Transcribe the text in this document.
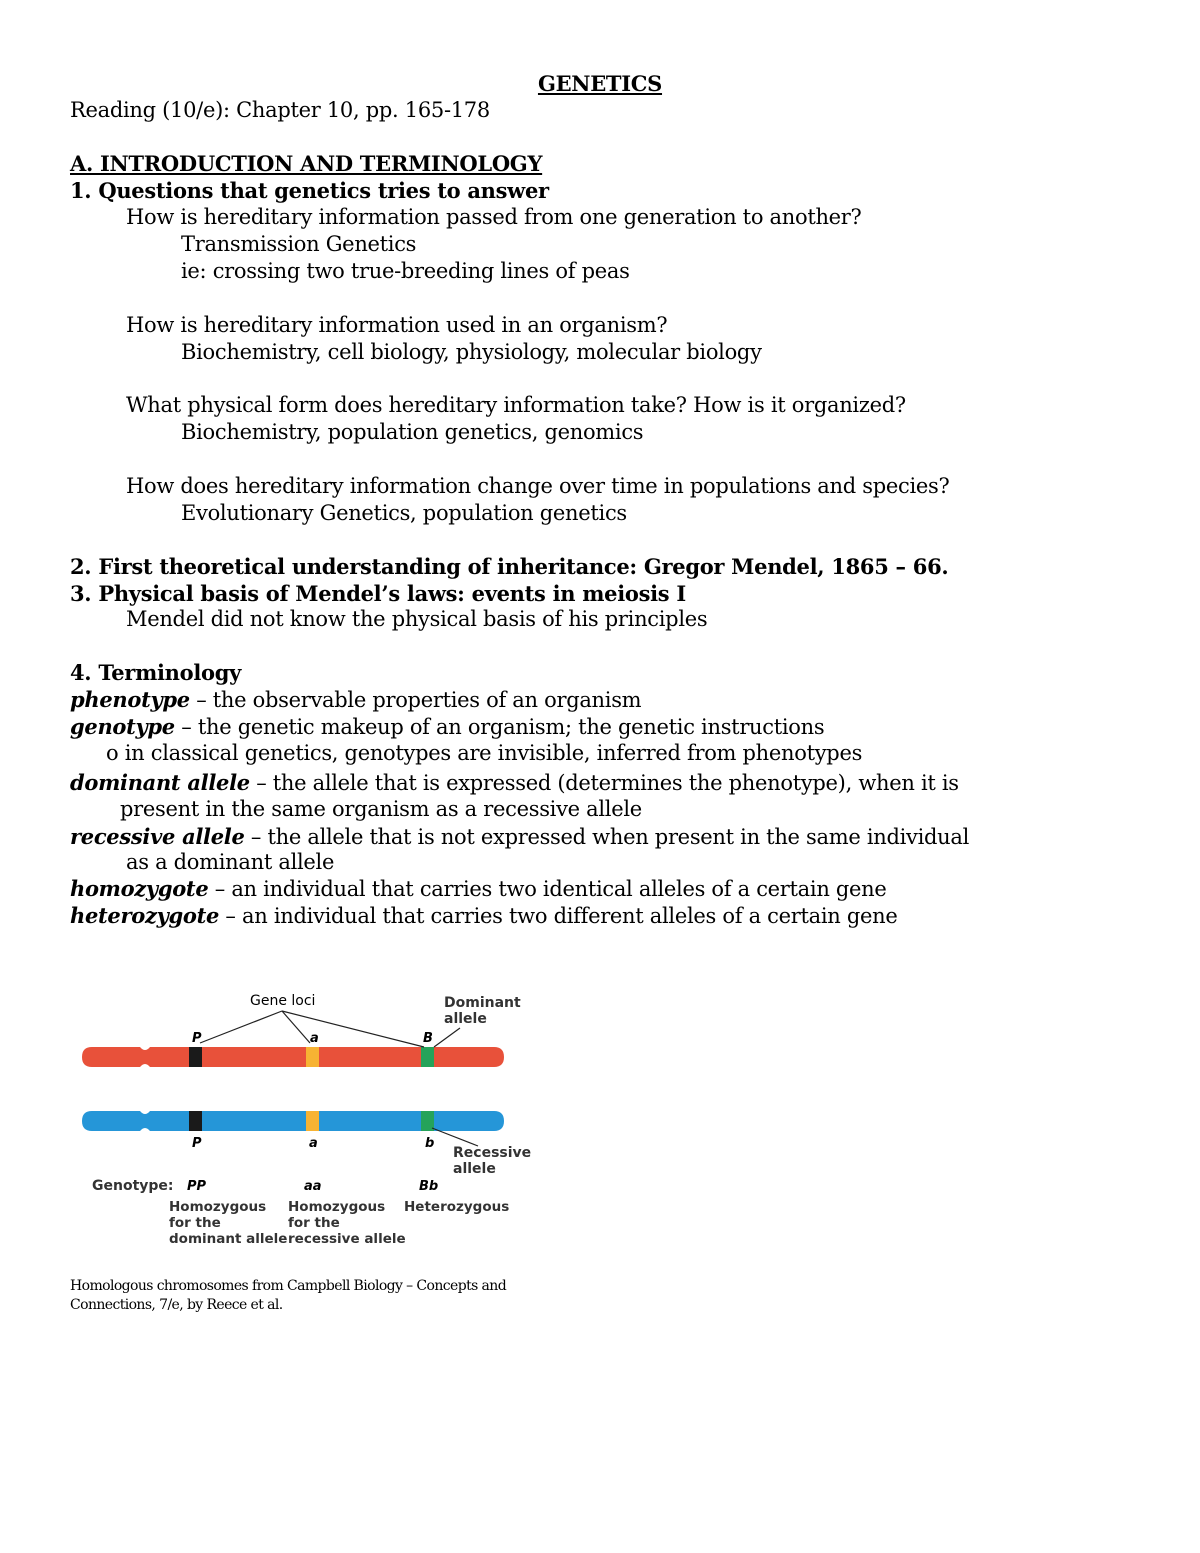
GENETICS
Reading (10/e): Chapter 10, pp. 165-178
A. INTRODUCTION AND TERMINOLOGY
1. Questions that genetics tries to answer
How is hereditary information passed from one generation to another?
Transmission Genetics
ie: crossing two true-breeding lines of peas
How is hereditary information used in an organism?
Biochemistry, cell biology, physiology, molecular biology
What physical form does hereditary information take? How is it organized?
Biochemistry, population genetics, genomics
How does hereditary information change over time in populations and species?
Evolutionary Genetics, population genetics
2. First theoretical understanding of inheritance: Gregor Mendel, 1865 – 66.
3. Physical basis of Mendel’s laws: events in meiosis I
Mendel did not know the physical basis of his principles
4. Terminology
phenotype – the observable properties of an organism
genotype – the genetic makeup of an organism; the genetic instructions
o in classical genetics, genotypes are invisible, inferred from phenotypes
dominant allele – the allele that is expressed (determines the phenotype), when it is
present in the same organism as a recessive allele
recessive allele – the allele that is not expressed when present in the same individual
as a dominant allele
homozygote – an individual that carries two identical alleles of a certain gene
heterozygote – an individual that carries two different alleles of a certain gene
Gene loci	Dominant
allele
P	a	B
P	a	b
Recessive
allele
Genotype: PP	aa	Bb
Homozygous
for the
dominant allele
Homozygous
for the
recessive allele
Heterozygous
Homologous chromosomes from Campbell Biology – Concepts and
Connections, 7/e, by Reece et al.
